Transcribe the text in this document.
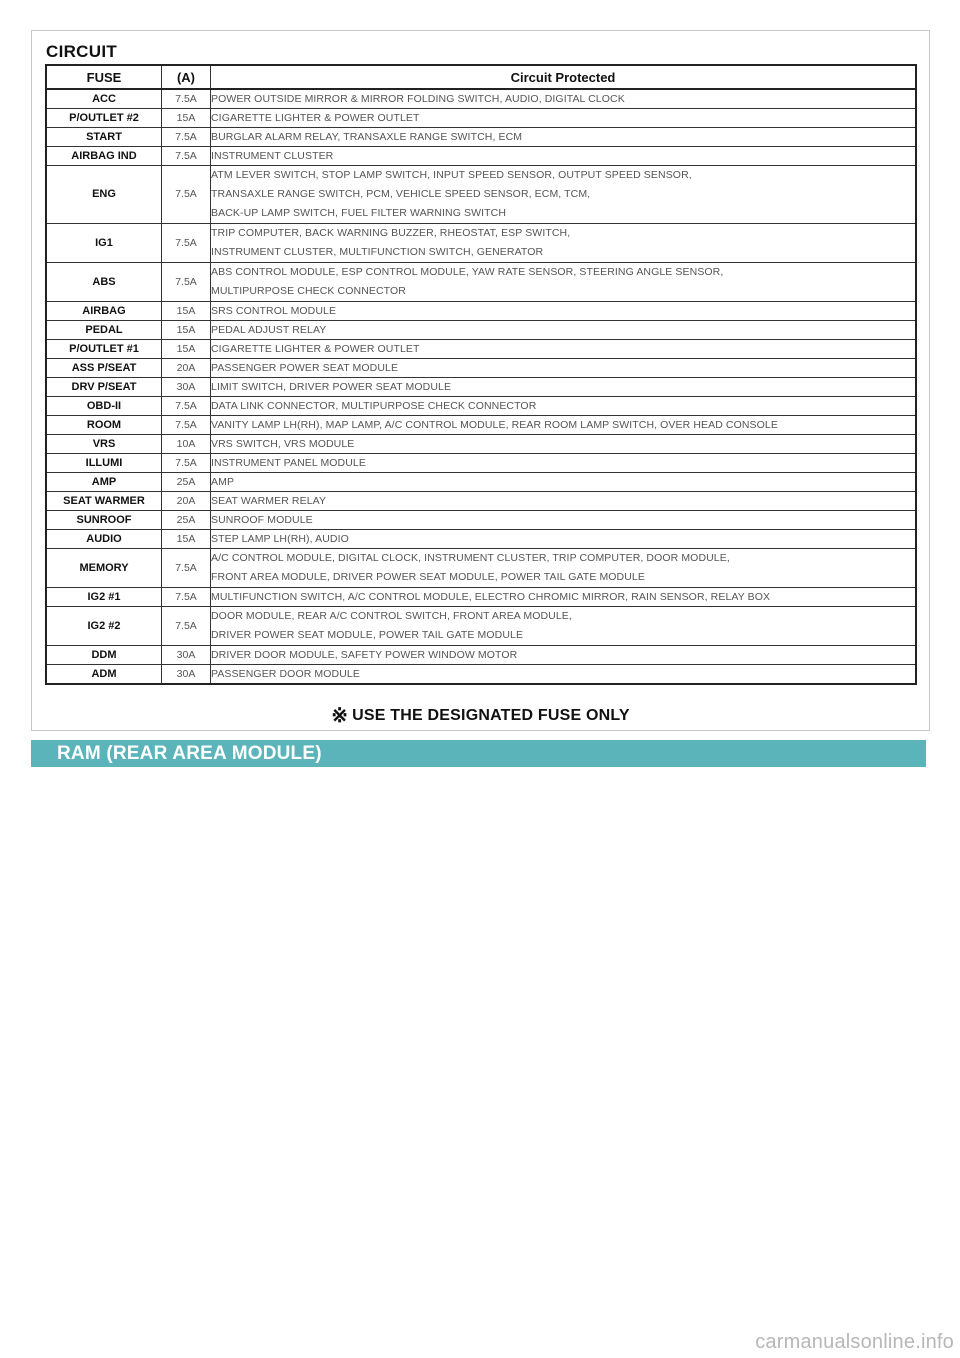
CIRCUIT
FUSE	(A)	Circuit Protected
ACC	7.5A	POWER OUTSIDE MIRROR & MIRROR FOLDING SWITCH, AUDIO, DIGITAL CLOCK

P/OUTLET #2	15A	CIGARETTE LIGHTER & POWER OUTLET

START	7.5A	BURGLAR ALARM RELAY, TRANSAXLE RANGE SWITCH, ECM

AIRBAG IND	7.5A	INSTRUMENT CLUSTER

ENG	7.5A	ATM LEVER SWITCH, STOP LAMP SWITCH, INPUT SPEED SENSOR, OUTPUT SPEED SENSOR,
TRANSAXLE RANGE SWITCH, PCM, VEHICLE SPEED SENSOR, ECM, TCM,
BACK-UP LAMP SWITCH, FUEL FILTER WARNING SWITCH

IG1	7.5A	TRIP COMPUTER, BACK WARNING BUZZER, RHEOSTAT, ESP SWITCH,
INSTRUMENT CLUSTER, MULTIFUNCTION SWITCH, GENERATOR

ABS	7.5A	ABS CONTROL MODULE, ESP CONTROL MODULE, YAW RATE SENSOR, STEERING ANGLE SENSOR,
MULTIPURPOSE CHECK CONNECTOR

AIRBAG	15A	SRS CONTROL MODULE

PEDAL	15A	PEDAL ADJUST RELAY

P/OUTLET #1	15A	CIGARETTE LIGHTER & POWER OUTLET

ASS P/SEAT	20A	PASSENGER POWER SEAT MODULE

DRV P/SEAT	30A	LIMIT SWITCH, DRIVER POWER SEAT MODULE

OBD-II	7.5A	DATA LINK CONNECTOR, MULTIPURPOSE CHECK CONNECTOR

ROOM	7.5A	VANITY LAMP LH(RH), MAP LAMP, A/C CONTROL MODULE, REAR ROOM LAMP SWITCH, OVER HEAD CONSOLE

VRS	10A	VRS SWITCH, VRS MODULE

ILLUMI	7.5A	INSTRUMENT PANEL MODULE

AMP	25A	AMP

SEAT WARMER	20A	SEAT WARMER RELAY

SUNROOF	25A	SUNROOF MODULE

AUDIO	15A	STEP LAMP LH(RH), AUDIO

MEMORY	7.5A	A/C CONTROL MODULE, DIGITAL CLOCK, INSTRUMENT CLUSTER, TRIP COMPUTER, DOOR MODULE,
FRONT AREA MODULE, DRIVER POWER SEAT MODULE, POWER TAIL GATE MODULE

IG2 #1	7.5A	MULTIFUNCTION SWITCH, A/C CONTROL MODULE, ELECTRO CHROMIC MIRROR, RAIN SENSOR, RELAY BOX

IG2 #2	7.5A	DOOR MODULE, REAR A/C CONTROL SWITCH, FRONT AREA MODULE,
DRIVER POWER SEAT MODULE, POWER TAIL GATE MODULE

DDM	30A	DRIVER DOOR MODULE, SAFETY POWER WINDOW MOTOR

ADM	30A	PASSENGER DOOR MODULE
※ USE THE DESIGNATED FUSE ONLY
RAM (REAR AREA MODULE)
carmanualsonline.info
